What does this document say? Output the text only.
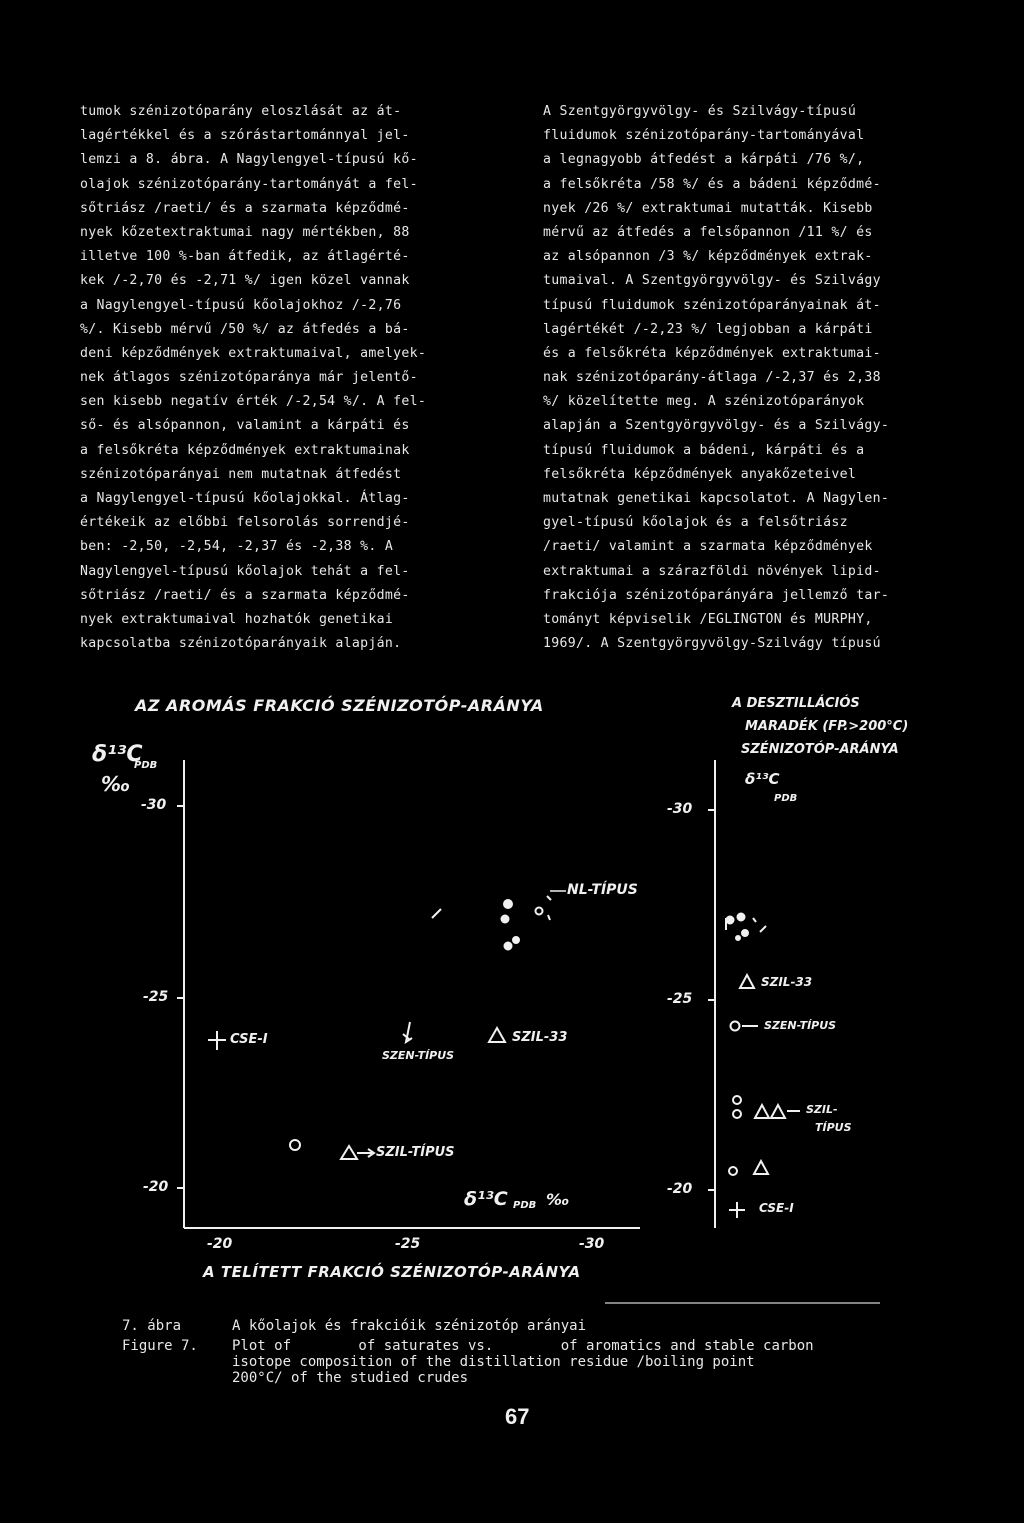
tumok szénizotóparány eloszlását az át-
lagértékkel és a szórástartománnyal jel-
lemzi a 8. ábra. A Nagylengyel-típusú kő-
olajok szénizotóparány-tartományát a fel-
sőtriász /raeti/ és a szarmata képződmé-
nyek kőzetextraktumai nagy mértékben, 88
illetve 100 %-ban átfedik, az átlagérté-
kek /-2,70 és -2,71 %/ igen közel vannak
a Nagylengyel-típusú kőolajokhoz /-2,76
%/. Kisebb mérvű /50 %/ az átfedés a bá-
deni képződmények extraktumaival, amelyek-
nek átlagos szénizotóparánya már jelentő-
sen kisebb negatív érték /-2,54 %/. A fel-
ső- és alsópannon, valamint a kárpáti és
a felsőkréta képződmények extraktumainak
szénizotóparányai nem mutatnak átfedést
a Nagylengyel-típusú kőolajokkal. Átlag-
értékeik az előbbi felsorolás sorrendjé-
ben: -2,50, -2,54, -2,37 és -2,38 %. A
Nagylengyel-típusú kőolajok tehát a fel-
sőtriász /raeti/ és a szarmata képződmé-
nyek extraktumaival hozhatók genetikai
kapcsolatba szénizotóparányaik alapján.
A Szentgyörgyvölgy- és Szilvágy-típusú
fluidumok szénizotóparány-tartományával
a legnagyobb átfedést a kárpáti /76 %/,
a felsőkréta /58 %/ és a bádeni képződmé-
nyek /26 %/ extraktumai mutatták. Kisebb
mérvű az átfedés a felsőpannon /11 %/ és
az alsópannon /3 %/ képződmények extrak-
tumaival. A Szentgyörgyvölgy- és Szilvágy
típusú fluidumok szénizotóparányainak át-
lagértékét /-2,23 %/ legjobban a kárpáti
és a felsőkréta képződmények extraktumai-
nak szénizotóparány-átlaga /-2,37 és 2,38
%/ közelítette meg. A szénizotóparányok
alapján a Szentgyörgyvölgy- és a Szilvágy-
típusú fluidumok a bádeni, kárpáti és a
felsőkréta képződmények anyakőzeteivel
mutatnak genetikai kapcsolatot. A Nagylen-
gyel-típusú kőolajok és a felsőtriász
/raeti/ valamint a szarmata képződmények
extraktumai a szárazföldi növények lipid-
frakciója szénizotóparányára jellemző tar-
tományt képviselik /EGLINGTON és MURPHY,
1969/. A Szentgyörgyvölgy-Szilvágy típusú
AZ AROMÁS FRAKCIÓ SZÉNIZOTÓP-ARÁNYA
δ¹³C
PDB
‰
-30
-25
-20
-20	-25	-30
A TELÍTETT FRAKCIÓ SZÉNIZOTÓP-ARÁNYA
δ¹³C PDB ‰
NL-TÍPUS
CSE-I
SZEN-TÍPUS
SZIL-33
SZIL-TÍPUS
A DESZTILLÁCIÓS
MARADÉK (FP.>200°C)
SZÉNIZOTÓP-ARÁNYA
δ¹³C
PDB
-30
-25
-20
SZIL-33
SZEN-TÍPUS
SZIL-
TÍPUS
CSE-I
7. ábra	A kőolajok és frakcióik szénizotóp arányai
Figure 7. Plot of        of saturates vs.        of aromatics and stable carbon
isotope composition of the distillation residue /boiling point
200°C/ of the studied crudes
67
